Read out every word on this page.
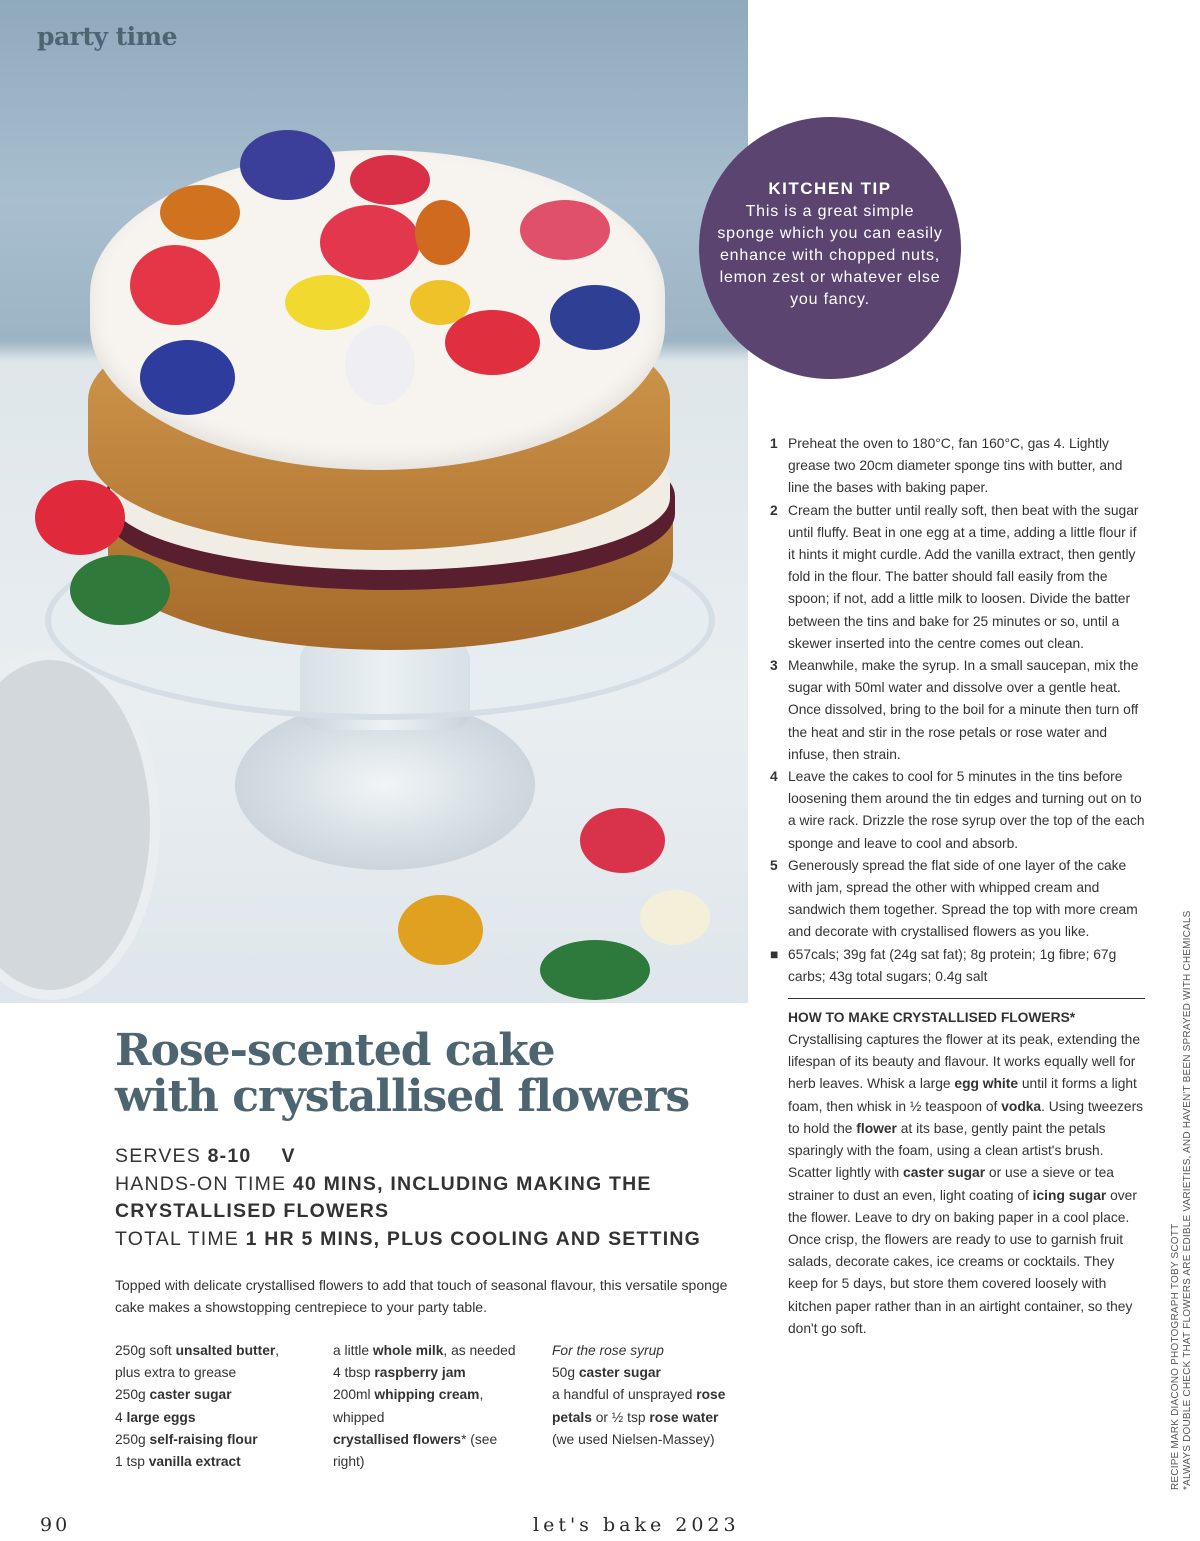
party time
KITCHEN TIP

This is a great simple sponge which you can easily enhance with chopped nuts, lemon zest or whatever else you fancy.

1 Preheat the oven to 180°C, fan 160°C, gas 4. Lightly grease two 20cm diameter sponge tins with butter, and line the bases with baking paper.
2 Cream the butter until really soft, then beat with the sugar until fluffy. Beat in one egg at a time, adding a little flour if it hints it might curdle. Add the vanilla extract, then gently fold in the flour. The batter should fall easily from the spoon; if not, add a little milk to loosen. Divide the batter between the tins and bake for 25 minutes or so, until a skewer inserted into the centre comes out clean.
3 Meanwhile, make the syrup. In a small saucepan, mix the sugar with 50ml water and dissolve over a gentle heat. Once dissolved, bring to the boil for a minute then turn off the heat and stir in the rose petals or rose water and infuse, then strain.
4 Leave the cakes to cool for 5 minutes in the tins before loosening them around the tin edges and turning out on to a wire rack. Drizzle the rose syrup over the top of the each sponge and leave to cool and absorb.
5 Generously spread the flat side of one layer of the cake with jam, spread the other with whipped cream and sandwich them together. Spread the top with more cream and decorate with crystallised flowers as you like.
■ 657cals; 39g fat (24g sat fat); 8g protein; 1g fibre; 67g carbs; 43g total sugars; 0.4g salt
HOW TO MAKE CRYSTALLISED FLOWERS*

Crystallising captures the flower at its peak, extending the lifespan of its beauty and flavour. It works equally well for herb leaves. Whisk a large egg white until it forms a light foam, then whisk in ½ teaspoon of vodka. Using tweezers to hold the flower at its base, gently paint the petals sparingly with the foam, using a clean artist's brush. Scatter lightly with caster sugar or use a sieve or tea strainer to dust an even, light coating of icing sugar over the flower. Leave to dry on baking paper in a cool place. Once crisp, the flowers are ready to use to garnish fruit salads, decorate cakes, ice creams or cocktails. They keep for 5 days, but store them covered loosely with kitchen paper rather than in an airtight container, so they don't go soft.

Rose-scented cake
with crystallised flowers
SERVES 8-10 V
HANDS-ON TIME 40 MINS, INCLUDING MAKING THE CRYSTALLISED FLOWERS
TOTAL TIME 1 HR 5 MINS, PLUS COOLING AND SETTING

Topped with delicate crystallised flowers to add that touch of seasonal flavour, this versatile sponge cake makes a showstopping centrepiece to your party table.

250g soft unsalted butter, plus extra to grease
250g caster sugar
4 large eggs
250g self-raising flour
1 tsp vanilla extract
a little whole milk, as needed
4 tbsp raspberry jam
200ml whipping cream, whipped
crystallised flowers* (see right)
For the rose syrup
50g caster sugar
a handful of unsprayed rose petals or ½ tsp rose water (we used Nielsen-Massey)
90	let's bake 2023
RECIPE MARK DIACONO PHOTOGRAPH TOBY SCOTT *ALWAYS DOUBLE CHECK THAT FLOWERS ARE EDIBLE VARIETIES, AND HAVEN'T BEEN SPRAYED WITH CHEMICALS
